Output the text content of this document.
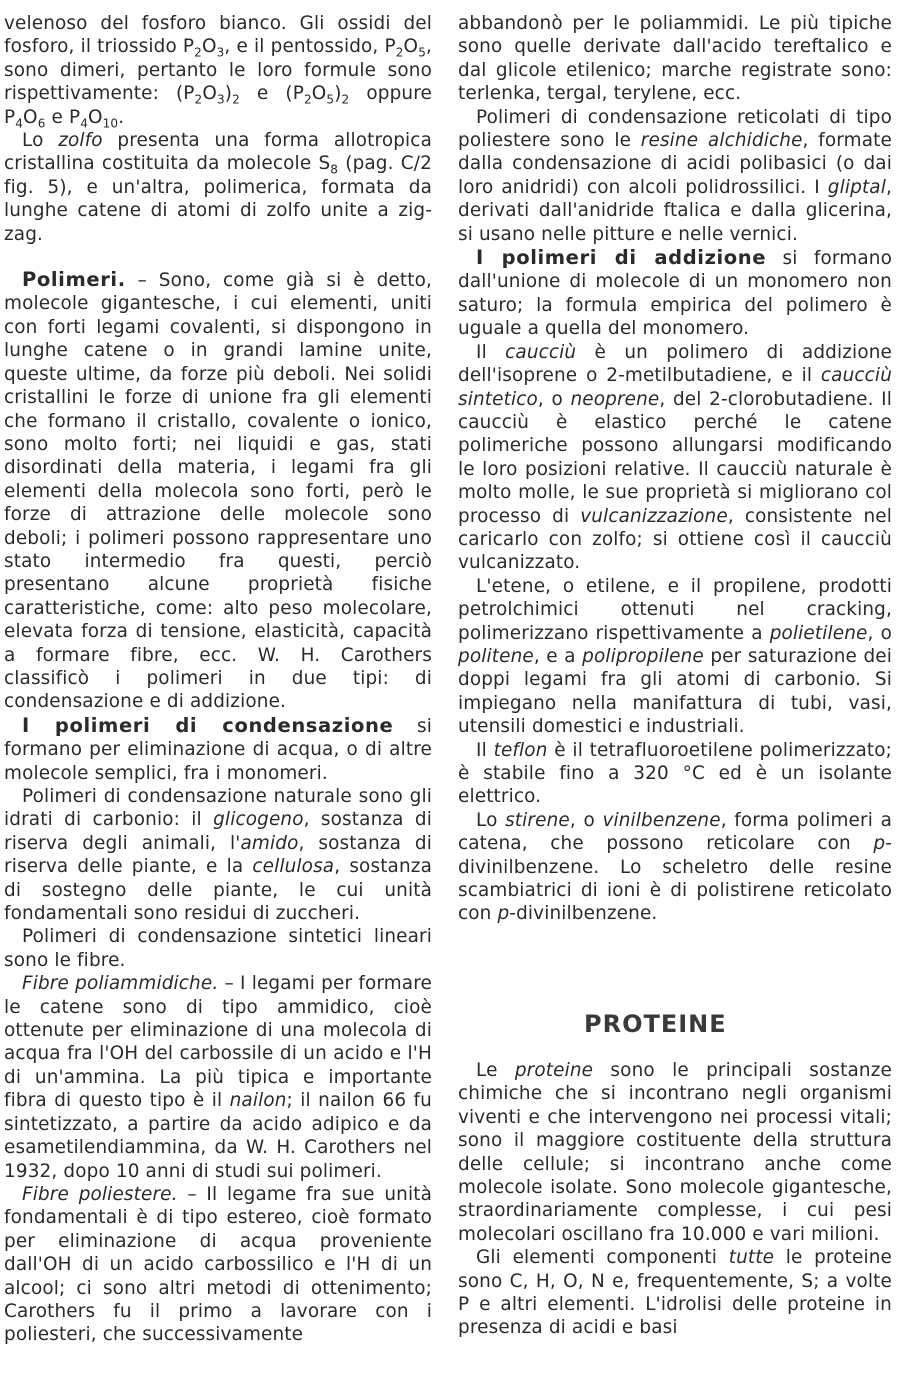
velenoso del fosforo bianco. Gli ossidi del fosforo, il triossido $P_2O_3$, e il pentossido, $P_2O_5$, sono dimeri, pertanto le loro formule sono rispettivamente: $(P_2O_3)_2$ e $(P_2O_5)_2$ oppure $P_4O_6$ e $P_4O_{10}$.

Lo zolfo presenta una forma allotropica cristallina costituita da molecole $S_8$ (pag. C/2 fig. 5), e un'altra, polimerica, formata da lunghe catene di atomi di zolfo unite a zig-zag.

Polimeri. – Sono, come già si è detto, molecole gigantesche, i cui elementi, uniti con forti legami covalenti, si dispongono in lunghe catene o in grandi lamine unite, queste ultime, da forze più deboli. Nei solidi cristallini le forze di unione fra gli elementi che formano il cristallo, covalente o ionico, sono molto forti; nei liquidi e gas, stati disordinati della materia, i legami fra gli elementi della molecola sono forti, però le forze di attrazione delle molecole sono deboli; i polimeri possono rappresentare uno stato intermedio fra questi, perciò presentano alcune proprietà fisiche caratteristiche, come: alto peso molecolare, elevata forza di tensione, elasticità, capacità a formare fibre, ecc. W. H. Carothers classificò i polimeri in due tipi: di condensazione e di addizione.

I polimeri di condensazione si formano per eliminazione di acqua, o di altre molecole semplici, fra i monomeri.

Polimeri di condensazione naturale sono gli idrati di carbonio: il glicogeno, sostanza di riserva degli animali, l'amido, sostanza di riserva delle piante, e la cellulosa, sostanza di sostegno delle piante, le cui unità fondamentali sono residui di zuccheri.

Polimeri di condensazione sintetici lineari sono le fibre.

Fibre poliammidiche. – I legami per formare le catene sono di tipo ammidico, cioè ottenute per eliminazione di una molecola di acqua fra l'OH del carbossile di un acido e l'H di un'ammina. La più tipica e importante fibra di questo tipo è il nailon; il nailon 66 fu sintetizzato, a partire da acido adipico e da esametilendiammina, da W. H. Carothers nel 1932, dopo 10 anni di studi sui polimeri.

Fibre poliestere. – Il legame fra sue unità fondamentali è di tipo estereo, cioè formato per eliminazione di acqua proveniente dall'OH di un acido carbossilico e l'H di un alcool; ci sono altri metodi di ottenimento; Carothers fu il primo a lavorare con i poliesteri, che successivamente

abbandonò per le poliammidi. Le più tipiche sono quelle derivate dall'acido tereftalico e dal glicole etilenico; marche registrate sono: terlenka, tergal, terylene, ecc.

Polimeri di condensazione reticolati di tipo poliestere sono le resine alchidiche, formate dalla condensazione di acidi polibasici (o dai loro anidridi) con alcoli polidrossilici. I gliptal, derivati dall'anidride ftalica e dalla glicerina, si usano nelle pitture e nelle vernici.

I polimeri di addizione si formano dall'unione di molecole di un monomero non saturo; la formula empirica del polimero è uguale a quella del monomero.

Il caucciù è un polimero di addizione dell'isoprene o 2-metilbutadiene, e il caucciù sintetico, o neoprene, del 2-clorobutadiene. Il caucciù è elastico perché le catene polimeriche possono allungarsi modificando le loro posizioni relative. Il caucciù naturale è molto molle, le sue proprietà si migliorano col processo di vulcanizzazione, consistente nel caricarlo con zolfo; si ottiene così il caucciù vulcanizzato.

L'etene, o etilene, e il propilene, prodotti petrolchimici ottenuti nel cracking, polimerizzano rispettivamente a polietilene, o politene, e a polipropilene per saturazione dei doppi legami fra gli atomi di carbonio. Si impiegano nella manifattura di tubi, vasi, utensili domestici e industriali.

Il teflon è il tetrafluoroetilene polimerizzato; è stabile fino a 320 °C ed è un isolante elettrico.

Lo stirene, o vinilbenzene, forma polimeri a catena, che possono reticolare con p-divinilbenzene. Lo scheletro delle resine scambiatrici di ioni è di polistirene reticolato con p-divinilbenzene.

PROTEINE

Le proteine sono le principali sostanze chimiche che si incontrano negli organismi viventi e che intervengono nei processi vitali; sono il maggiore costituente della struttura delle cellule; si incontrano anche come molecole isolate. Sono molecole gigantesche, straordinariamente complesse, i cui pesi molecolari oscillano fra 10.000 e vari milioni.

Gli elementi componenti tutte le proteine sono C, H, O, N e, frequentemente, S; a volte P e altri elementi. L'idrolisi delle proteine in presenza di acidi e basi
